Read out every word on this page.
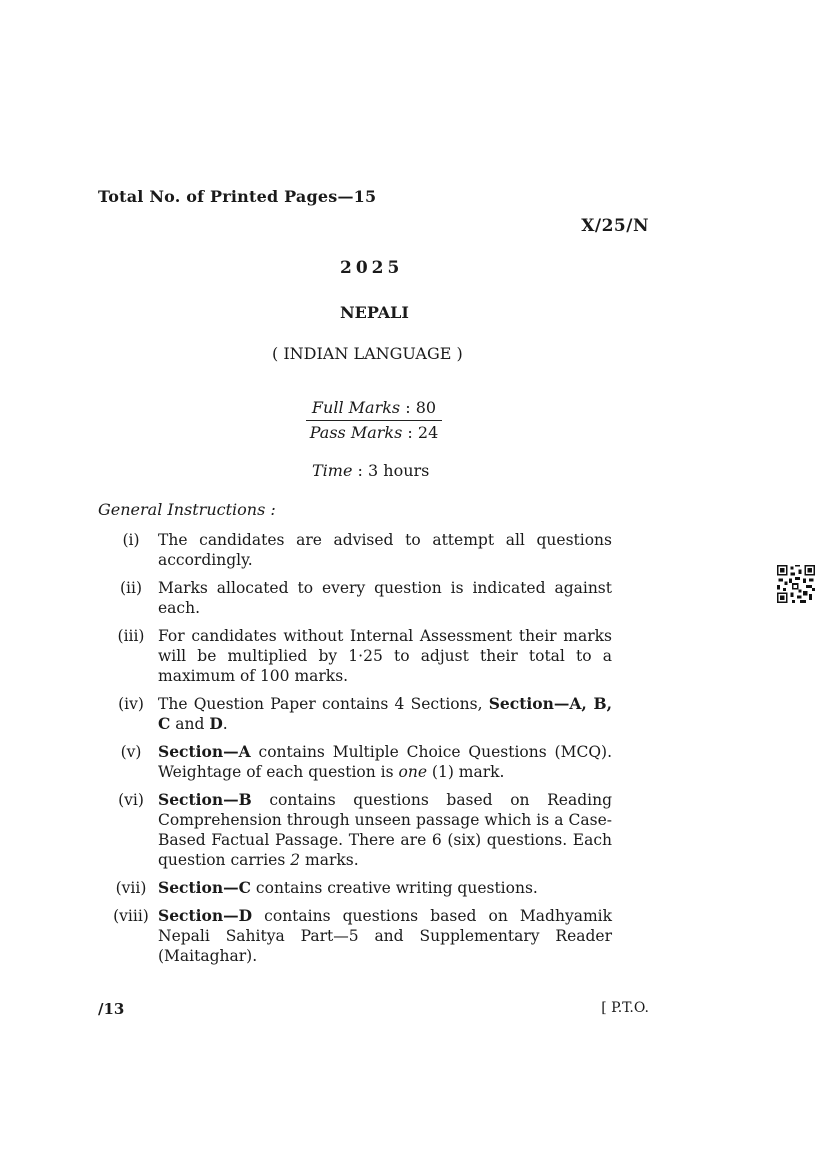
Total No. of Printed Pages—15
X/25/N
2025
NEPALI
( INDIAN LANGUAGE )
Full Marks : 80
Pass Marks : 24
Time : 3 hours
General Instructions :
(i)	The candidates are advised to attempt all questions accordingly.
(ii)	Marks allocated to every question is indicated against each.
(iii) For candidates without Internal Assessment their marks will be multiplied by 1·25 to adjust their total to a maximum of 100 marks.
(iv) The Question Paper contains 4 Sections, Section—A, B, C and D.
(v)	Section—A contains Multiple Choice Questions (MCQ). Weightage of each question is one (1) mark.
(vi) Section—B contains questions based on Reading Comprehension through unseen passage which is a Case-Based Factual Passage. There are 6 (six) questions. Each question carries 2 marks.
(vii) Section—C contains creative writing questions.
(viii) Section—D contains questions based on Madhyamik Nepali Sahitya Part—5 and Supplementary Reader (Maitaghar).
/13	[ P.T.O.
